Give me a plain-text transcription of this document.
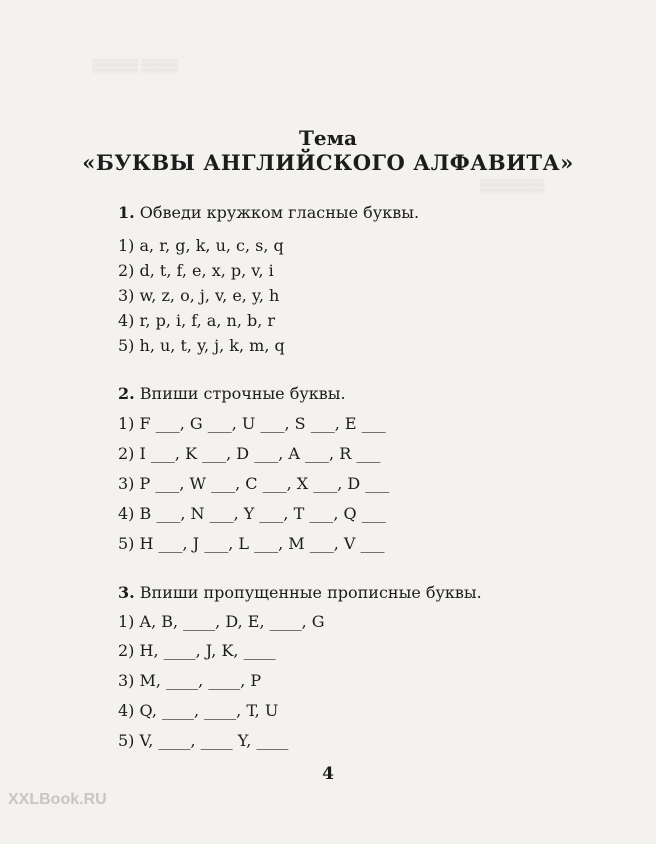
▒▒▒▒▒ ▒▒▒▒
▒▒▒▒▒▒▒
Тема
«БУКВЫ АНГЛИЙСКОГО АЛФАВИТА»
1. Обведи кружком гласные буквы.
1) a, r, g, k, u, c, s, q
2) d, t, f, e, x, p, v, i
3) w, z, o, j, v, e, y, h
4) r, p, i, f, a, n, b, r
5) h, u, t, y, j, k, m, q
2. Впиши строчные буквы.
1) F ___, G ___, U ___, S ___, E ___
2) I ___, K ___, D ___, A ___, R ___
3) P ___, W ___, C ___, X ___, D ___
4) B ___, N ___, Y ___, T ___, Q ___
5) H ___, J ___, L ___, M ___, V ___
3. Впиши пропущенные прописные буквы.
1) A, B, ____, D, E, ____, G
2) H, ____, J, K, ____
3) M, ____, ____, P
4) Q, ____, ____, T, U
5) V, ____, ____ Y, ____
4
XXLBook.RU
